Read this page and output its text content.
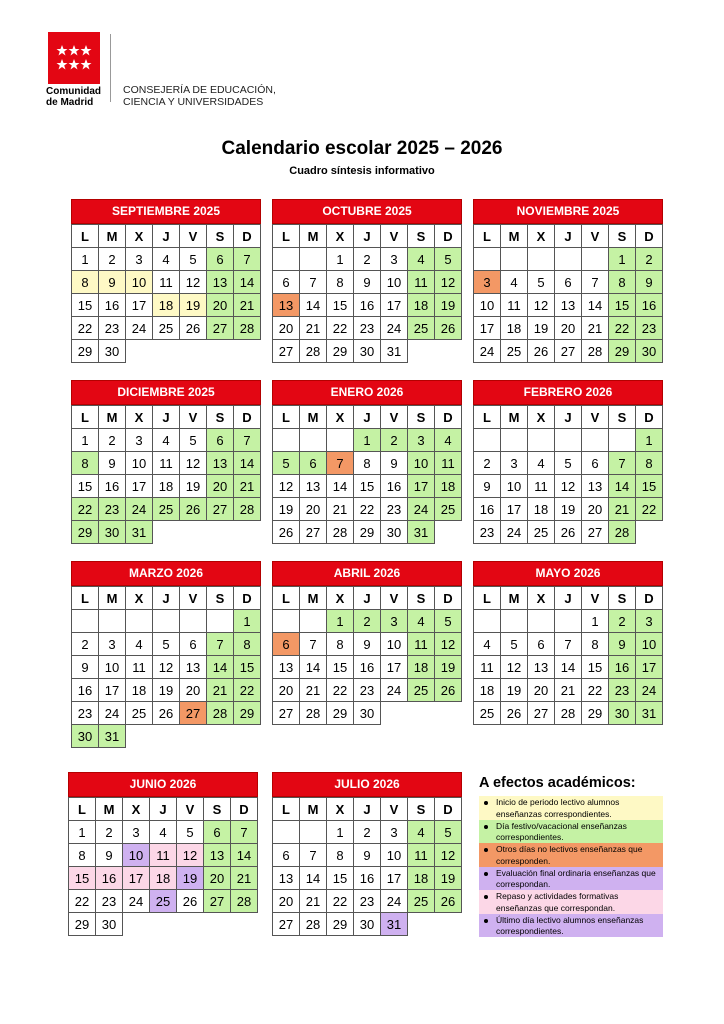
Comunidad
de Madrid
CONSEJERÍA DE EDUCACIÓN,
CIENCIA Y UNIVERSIDADES
Calendario escolar 2025 – 2026
Cuadro síntesis informativo
SEPTIEMBRE 2025
L	M	X	J	V	S	D
1	2	3	4	5	6	7
8	9	10	11	12	13	14
15	16	17	18	19	20	21
22	23	24	25	26	27	28
29	30					
OCTUBRE 2025
L	M	X	J	V	S	D
		1	2	3	4	5
6	7	8	9	10	11	12
13	14	15	16	17	18	19
20	21	22	23	24	25	26
27	28	29	30	31		
NOVIEMBRE 2025
L	M	X	J	V	S	D
					1	2
3	4	5	6	7	8	9
10	11	12	13	14	15	16
17	18	19	20	21	22	23
24	25	26	27	28	29	30
DICIEMBRE 2025
L	M	X	J	V	S	D
1	2	3	4	5	6	7
8	9	10	11	12	13	14
15	16	17	18	19	20	21
22	23	24	25	26	27	28
29	30	31				
ENERO 2026
L	M	X	J	V	S	D
			1	2	3	4
5	6	7	8	9	10	11
12	13	14	15	16	17	18
19	20	21	22	23	24	25
26	27	28	29	30	31	
FEBRERO 2026
L	M	X	J	V	S	D
						1
2	3	4	5	6	7	8
9	10	11	12	13	14	15
16	17	18	19	20	21	22
23	24	25	26	27	28	
MARZO 2026
L	M	X	J	V	S	D
						1
2	3	4	5	6	7	8
9	10	11	12	13	14	15
16	17	18	19	20	21	22
23	24	25	26	27	28	29
30	31					
ABRIL 2026
L	M	X	J	V	S	D
		1	2	3	4	5
6	7	8	9	10	11	12
13	14	15	16	17	18	19
20	21	22	23	24	25	26
27	28	29	30			
MAYO 2026
L	M	X	J	V	S	D
				1	2	3
4	5	6	7	8	9	10
11	12	13	14	15	16	17
18	19	20	21	22	23	24
25	26	27	28	29	30	31
JUNIO 2026
L	M	X	J	V	S	D
1	2	3	4	5	6	7
8	9	10	11	12	13	14
15	16	17	18	19	20	21
22	23	24	25	26	27	28
29	30					
JULIO 2026
L	M	X	J	V	S	D
		1	2	3	4	5
6	7	8	9	10	11	12
13	14	15	16	17	18	19
20	21	22	23	24	25	26
27	28	29	30	31		
A efectos académicos:
Inicio de periodo lectivo alumnos enseñanzas correspondientes.
Día festivo/vacacional enseñanzas correspondientes.
Otros días no lectivos enseñanzas que corresponden.
Evaluación final ordinaria enseñanzas que correspondan.
Repaso y actividades formativas enseñanzas que correspondan.
Último día lectivo alumnos enseñanzas correspondientes.
